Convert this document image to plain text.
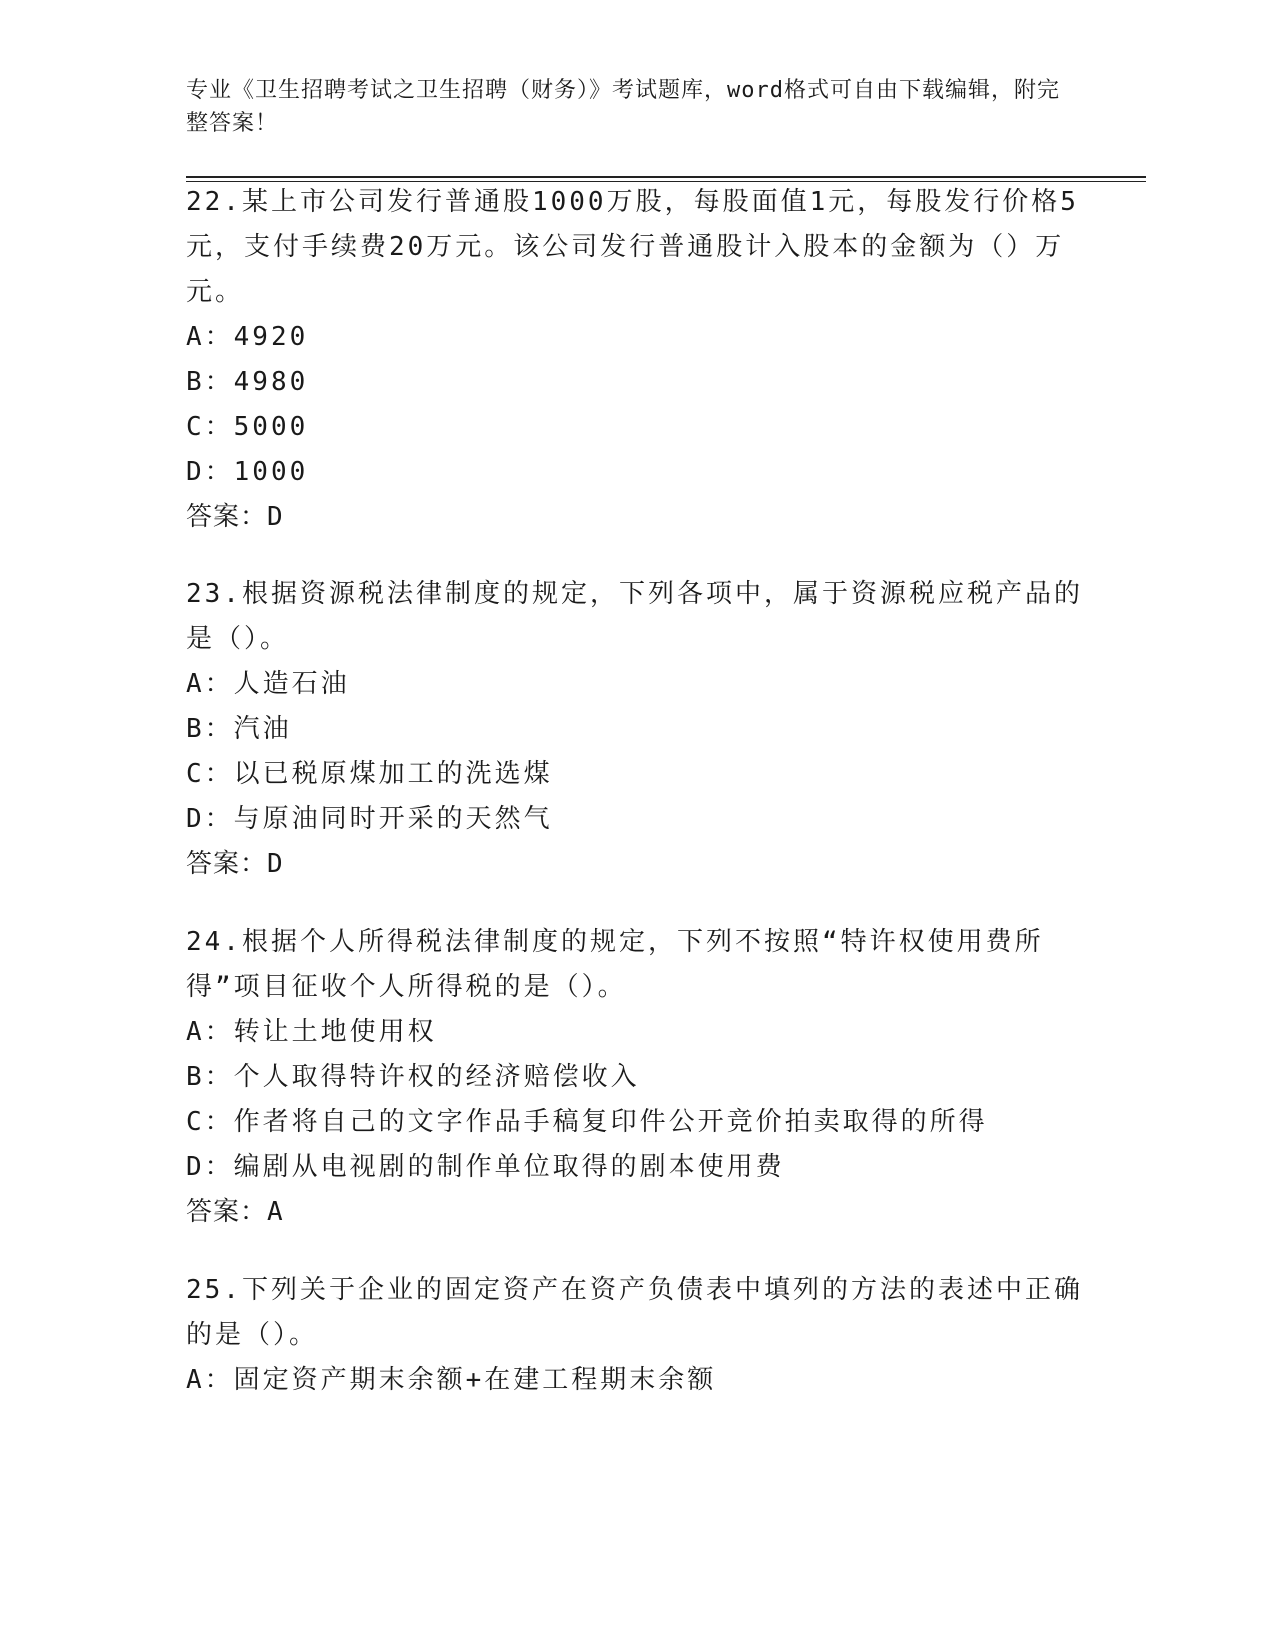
专业《卫生招聘考试之卫生招聘（财务）》考试题库，word格式可自由下载编辑，附完整答案！

22.某上市公司发行普通股1000万股，每股面值1元，每股发行价格5元，支付手续费20万元。该公司发行普通股计入股本的金额为（）万元。

A：4920

B：4980

C：5000

D：1000

答案：D

23.根据资源税法律制度的规定，下列各项中，属于资源税应税产品的是（）。

A：人造石油

B：汽油

C：以已税原煤加工的洗选煤

D：与原油同时开采的天然气

答案：D

24.根据个人所得税法律制度的规定，下列不按照“特许权使用费所得”项目征收个人所得税的是（）。

A：转让土地使用权

B：个人取得特许权的经济赔偿收入

C：作者将自己的文字作品手稿复印件公开竞价拍卖取得的所得

D：编剧从电视剧的制作单位取得的剧本使用费

答案：A

25.下列关于企业的固定资产在资产负债表中填列的方法的表述中正确的是（）。

A：固定资产期末余额+在建工程期末余额
